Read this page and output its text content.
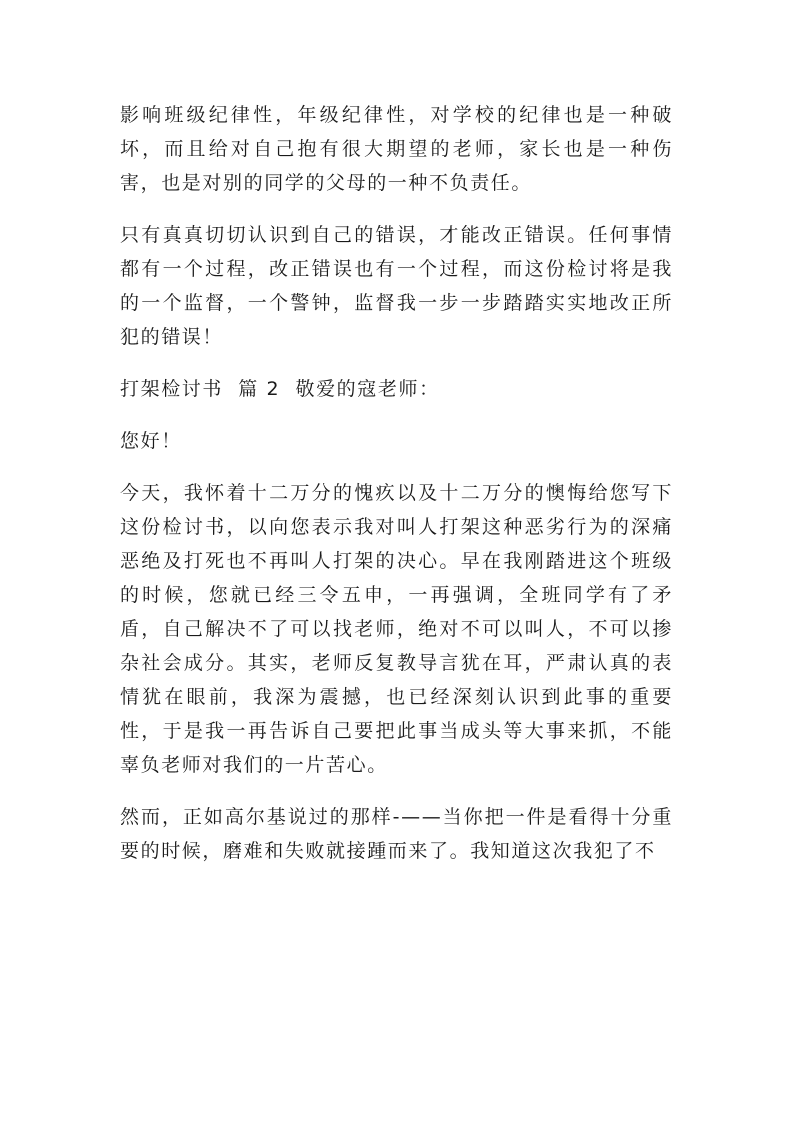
影响班级纪律性，年级纪律性，对学校的纪律也是一种破坏，而且给对自己抱有很大期望的老师，家长也是一种伤害，也是对别的同学的父母的一种不负责任。

只有真真切切认识到自己的错误，才能改正错误。任何事情都有一个过程，改正错误也有一个过程，而这份检讨将是我的一个监督，一个警钟，监督我一步一步踏踏实实地改正所犯的错误！

打架检讨书  篇 2  敬爱的寇老师：

您好！

今天，我怀着十二万分的愧疚以及十二万分的懊悔给您写下这份检讨书，以向您表示我对叫人打架这种恶劣行为的深痛恶绝及打死也不再叫人打架的决心。早在我刚踏进这个班级的时候，您就已经三令五申，一再强调，全班同学有了矛盾，自己解决不了可以找老师，绝对不可以叫人，不可以掺杂社会成分。其实，老师反复教导言犹在耳，严肃认真的表情犹在眼前，我深为震撼，也已经深刻认识到此事的重要性，于是我一再告诉自己要把此事当成头等大事来抓，不能辜负老师对我们的一片苦心。

然而，正如高尔基说过的那样-——当你把一件是看得十分重要的时候，磨难和失败就接踵而来了。我知道这次我犯了不
